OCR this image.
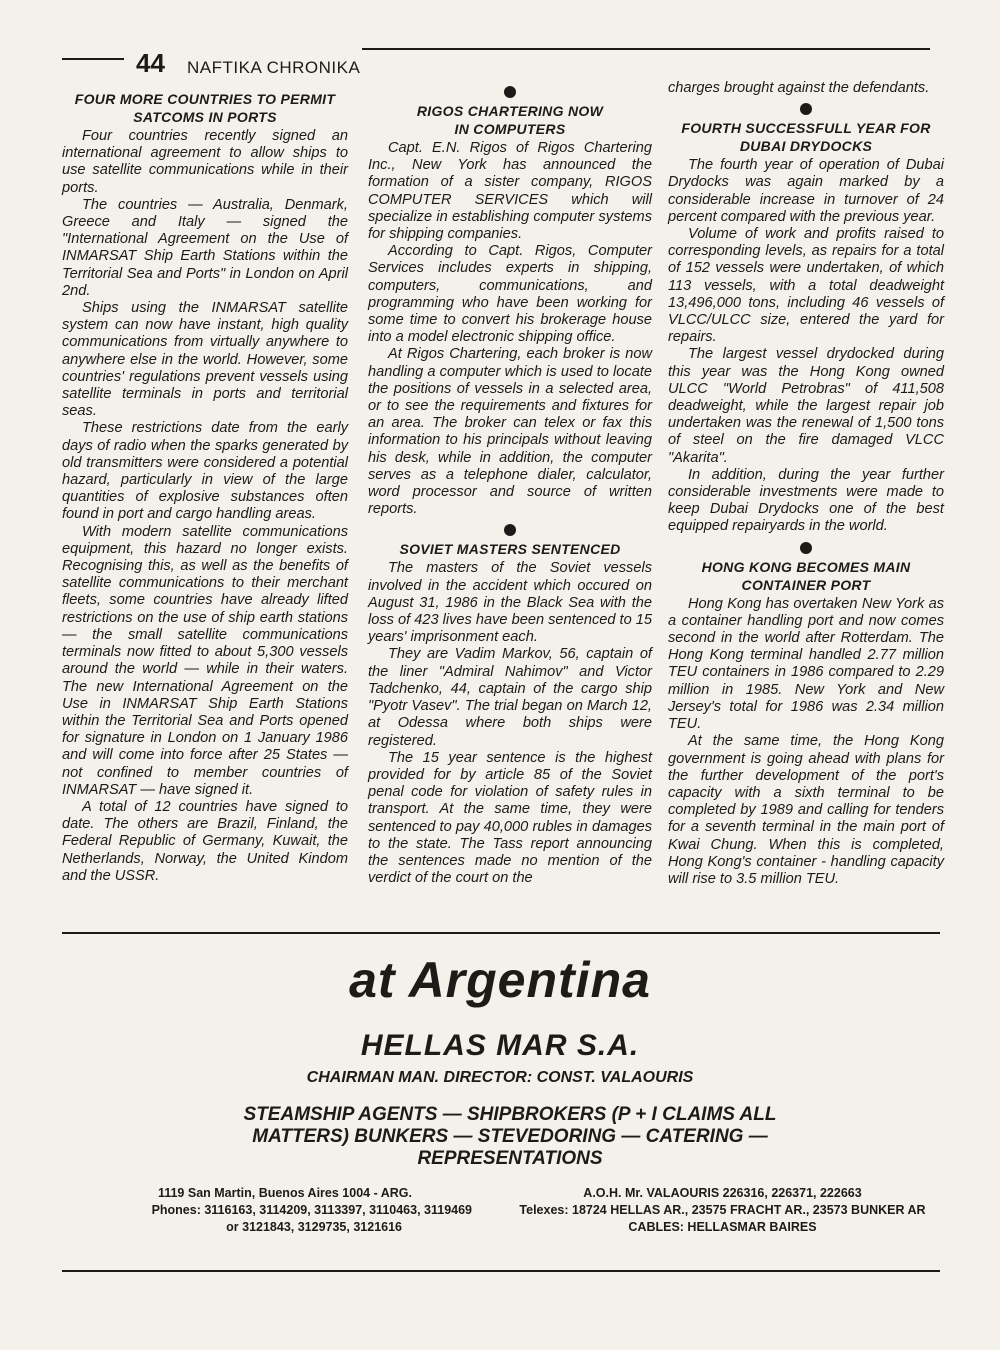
44 NAFTIKA CHRONIKA
FOUR MORE COUNTRIES TO PERMIT
SATCOMS IN PORTS

Four countries recently signed an international agreement to allow ships to use satellite communications while in their ports.

The countries — Australia, Denmark, Greece and Italy — signed the "International Agreement on the Use of INMARSAT Ship Earth Stations within the Territorial Sea and Ports" in London on April 2nd.

Ships using the INMARSAT satellite system can now have instant, high quality communications from virtually anywhere to anywhere else in the world. However, some countries' regulations prevent vessels using satellite terminals in ports and territorial seas.

These restrictions date from the early days of radio when the sparks generated by old transmitters were considered a potential hazard, particularly in view of the large quantities of explosive substances often found in port and cargo handling areas.

With modern satellite communications equipment, this hazard no longer exists. Recognising this, as well as the benefits of satellite communications to their merchant fleets, some countries have already lifted restrictions on the use of ship earth stations — the small satellite communications terminals now fitted to about 5,300 vessels around the world — while in their waters. The new International Agreement on the Use in INMARSAT Ship Earth Stations within the Territorial Sea and Ports opened for signature in London on 1 January 1986 and will come into force after 25 States — not confined to member countries of INMARSAT — have signed it.

A total of 12 countries have signed to date. The others are Brazil, Finland, the Federal Republic of Germany, Kuwait, the Netherlands, Norway, the United Kindom and the USSR.

RIGOS CHARTERING NOW
IN COMPUTERS

Capt. E.N. Rigos of Rigos Chartering Inc., New York has announced the formation of a sister company, RIGOS COMPUTER SERVICES which will specialize in establishing computer systems for shipping companies.

According to Capt. Rigos, Computer Services includes experts in shipping, computers, communications, and programming who have been working for some time to convert his brokerage house into a model electronic shipping office.

At Rigos Chartering, each broker is now handling a computer which is used to locate the positions of vessels in a selected area, or to see the requirements and fixtures for an area. The broker can telex or fax this information to his principals without leaving his desk, while in addition, the computer serves as a telephone dialer, calculator, word processor and source of written reports.

SOVIET MASTERS SENTENCED

The masters of the Soviet vessels involved in the accident which occured on August 31, 1986 in the Black Sea with the loss of 423 lives have been sentenced to 15 years' imprisonment each.

They are Vadim Markov, 56, captain of the liner "Admiral Nahimov" and Victor Tadchenko, 44, captain of the cargo ship "Pyotr Vasev". The trial began on March 12, at Odessa where both ships were registered.

The 15 year sentence is the highest provided for by article 85 of the Soviet penal code for violation of safety rules in transport. At the same time, they were sentenced to pay 40,000 rubles in damages to the state. The Tass report announcing the sentences made no mention of the verdict of the court on the

charges brought against the defendants.

FOURTH SUCCESSFULL YEAR FOR
DUBAI DRYDOCKS

The fourth year of operation of Dubai Drydocks was again marked by a considerable increase in turnover of 24 percent compared with the previous year.

Volume of work and profits raised to corresponding levels, as repairs for a total of 152 vessels were undertaken, of which 113 vessels, with a total deadweight 13,496,000 tons, including 46 vessels of VLCC/ULCC size, entered the yard for repairs.

The largest vessel drydocked during this year was the Hong Kong owned ULCC "World Petrobras" of 411,508 deadweight, while the largest repair job undertaken was the renewal of 1,500 tons of steel on the fire damaged VLCC "Akarita".

In addition, during the year further considerable investments were made to keep Dubai Drydocks one of the best equipped repairyards in the world.

HONG KONG BECOMES MAIN
CONTAINER PORT

Hong Kong has overtaken New York as a container handling port and now comes second in the world after Rotterdam. The Hong Kong terminal handled 2.77 million TEU containers in 1986 compared to 2.29 million in 1985. New York and New Jersey's total for 1986 was 2.34 million TEU.

At the same time, the Hong Kong government is going ahead with plans for the further development of the port's capacity with a sixth terminal to be completed by 1989 and calling for tenders for a seventh terminal in the main port of Kwai Chung. When this is completed, Hong Kong's container - handling capacity will rise to 3.5 million TEU.

at Argentina
HELLAS MAR S.A.
CHAIRMAN MAN. DIRECTOR: CONST. VALAOURIS
STEAMSHIP AGENTS — SHIPBROKERS (P + I CLAIMS ALL MATTERS) BUNKERS — STEVEDORING — CATERING — REPRESENTATIONS
1119 San Martin, Buenos Aires 1004 - ARG.
Phones: 3116163, 3114209, 3113397, 3110463, 3119469
or 3121843, 3129735, 3121616
A.O.H. Mr. VALAOURIS 226316, 226371, 222663
Telexes: 18724 HELLAS AR., 23575 FRACHT AR., 23573 BUNKER AR
CABLES: HELLASMAR BAIRES
